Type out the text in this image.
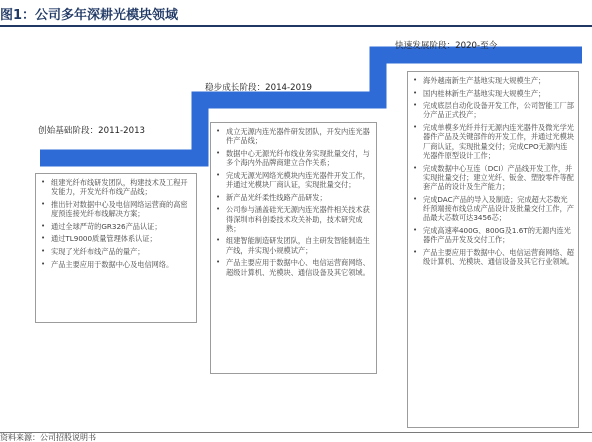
图1：公司多年深耕光模块领域
创始基础阶段：2011-2013
稳步成长阶段：2014-2019
快速发展阶段：2020-至今
• 组建光纤布线研发团队，构建技术及工程开发能力，开发光纤布线产品线；
• 推出针对数据中心及电信网络运营商的高密度预连接光纤布线解决方案；
• 通过全球严苛的GR326产品认证；
• 通过TL9000质量管理体系认证；
• 实现了光纤布线产品的量产；
• 产品主要应用于数据中心及电信网络。
• 成立无源内连光器件研发团队，开发内连光器件产品线；
• 数据中心无源光纤布线业务实现批量交付，与多个海内外品牌商建立合作关系；
• 完成无源光网络光模块内连光器件开发工作，并通过光模块厂商认证，实现批量交付；
• 新产品光纤柔性线路产品研发；
• 公司参与涵盖硅光无源内连光器件相关技术获得深圳市科创委技术攻关补助，技术研究成熟；
• 组建智能制造研发团队，自主研发智能制造生产线，并实现小规模试产；
• 产品主要应用于数据中心、电信运营商网络、超级计算机、光模块、通信设备及其它领域。
• 海外越南新生产基地实现大规模生产；
• 国内桂林新生产基地实现大规模生产；
• 完成底层自动化设备开发工作，公司智能工厂部分产品正式投产；
• 完成单模多光纤并行无源内连光器件及微光学光器件产品及关键部件的开发工作，并通过光模块厂商认证，实现批量交付；完成CPO无源内连光器件原型设计工作；
• 完成数据中心互连（DCI）产品线开发工作，并实现批量交付；建立光纤、钣金、塑胶零件等配套产品的设计及生产能力；
• 完成DAC产品的导入及制造；完成超大芯数光纤预端接布线总成产品设计及批量交付工作，产品最大芯数可达3456芯；
• 完成高速率400G、800G及1.6T的无源内连光器件产品开发及交付工作；
• 产品主要应用于数据中心、电信运营商网络、超级计算机、光模块、通信设备及其它行业领域。
资料来源：公司招股说明书
